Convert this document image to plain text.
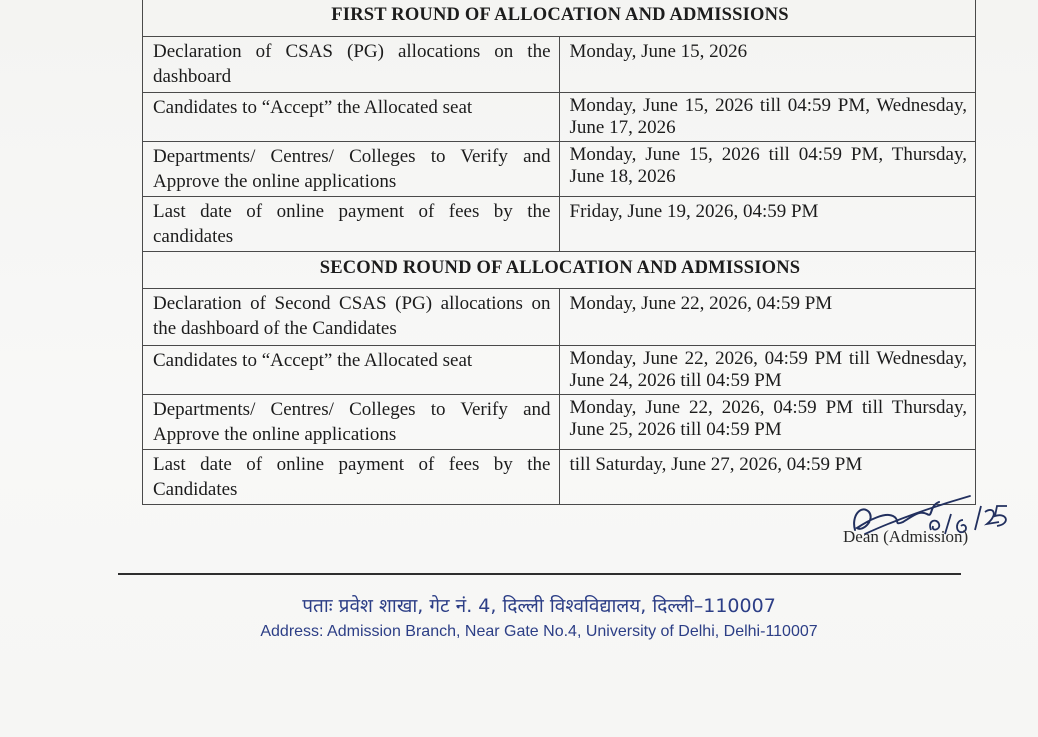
FIRST ROUND OF ALLOCATION AND ADMISSIONS	
Declaration of CSAS (PG) allocations on the dashboard	Monday, June 15, 2026
Candidates to “Accept” the Allocated seat	Monday, June 15, 2026 till 04:59 PM, Wednesday, June 17, 2026
Departments/ Centres/ Colleges to Verify and Approve the online applications	Monday, June 15, 2026 till 04:59 PM, Thursday, June 18, 2026
Last date of online payment of fees by the candidates	Friday, June 19, 2026, 04:59 PM
SECOND ROUND OF ALLOCATION AND ADMISSIONS	
Declaration of Second CSAS (PG) allocations on the dashboard of the Candidates	Monday, June 22, 2026, 04:59 PM
Candidates to “Accept” the Allocated seat	Monday, June 22, 2026, 04:59 PM till Wednesday, June 24, 2026 till 04:59 PM
Departments/ Centres/ Colleges to Verify and Approve the online applications	Monday, June 22, 2026, 04:59 PM till Thursday, June 25, 2026 till 04:59 PM
Last date of online payment of fees by the Candidates	till Saturday, June 27, 2026, 04:59 PM
Dean (Admission)
पताः प्रवेश शाखा, गेट नं. 4, दिल्ली विश्वविद्यालय, दिल्ली–110007
Address: Admission Branch, Near Gate No.4, University of Delhi, Delhi-110007
